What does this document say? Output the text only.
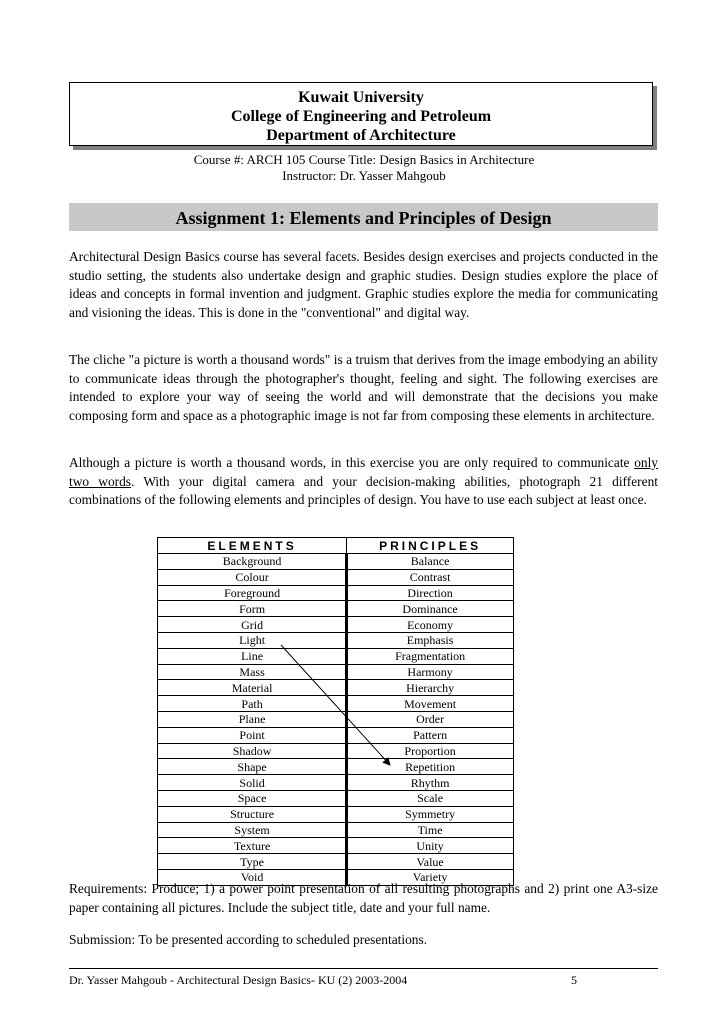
Kuwait University
College of Engineering and Petroleum
Department of Architecture
Course #: ARCH 105 Course Title: Design Basics in Architecture
Instructor: Dr. Yasser Mahgoub
Assignment 1: Elements and Principles of Design
Architectural Design Basics course has several facets. Besides design exercises and projects conducted in the studio setting, the students also undertake design and graphic studies. Design studies explore the place of ideas and concepts in formal invention and judgment. Graphic studies explore the media for communicating and visioning the ideas. This is done in the "conventional" and digital way.
The cliche "a picture is worth a thousand words" is a truism that derives from the image embodying an ability to communicate ideas through the photographer's thought, feeling and sight. The following exercises are intended to explore your way of seeing the world and will demonstrate that the decisions you make composing form and space as a photographic image is not far from composing these elements in architecture.
Although a picture is worth a thousand words, in this exercise you are only required to communicate only two words. With your digital camera and your decision-making abilities, photograph 21 different combinations of the following elements and principles of design. You have to use each subject at least once.
ELEMENTS	PRINCIPLES
Background	Balance
Colour	Contrast
Foreground	Direction
Form	Dominance
Grid	Economy
Light	Emphasis
Line	Fragmentation
Mass	Harmony
Material	Hierarchy
Path	Movement
Plane	Order
Point	Pattern
Shadow	Proportion
Shape	Repetition
Solid	Rhythm
Space	Scale
Structure	Symmetry
System	Time
Texture	Unity
Type	Value
Void	Variety
Requirements: Produce; 1) a power point presentation of all resulting photographs and 2) print one A3-size paper containing all pictures. Include the subject title, date and your full name.
Submission: To be presented according to scheduled presentations.
Dr. Yasser Mahgoub - Architectural Design Basics- KU (2) 2003-2004	5
